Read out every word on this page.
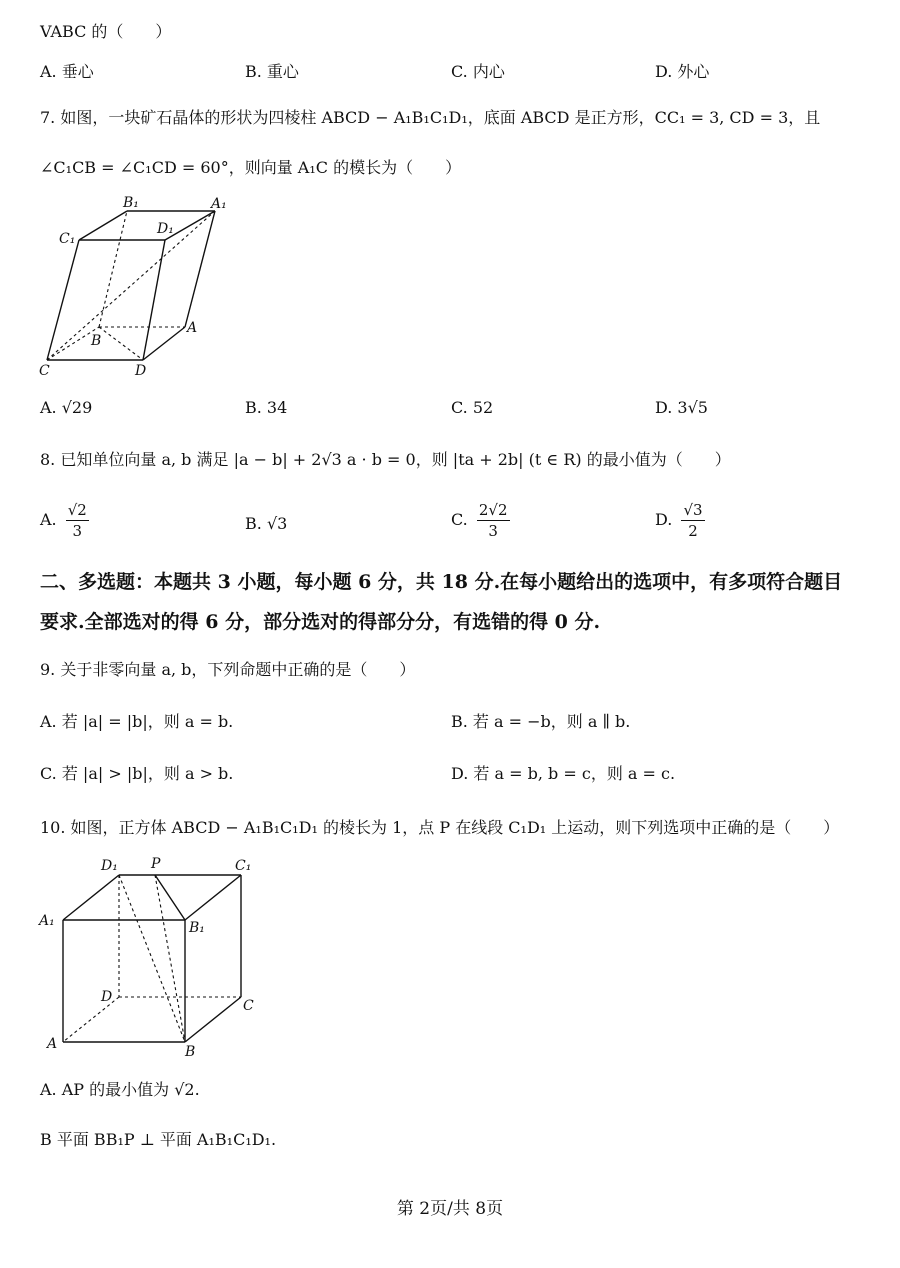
VABC 的（　　）
A. 垂心	B. 重心	C. 内心	D. 外心
7. 如图，一块矿石晶体的形状为四棱柱 ABCD − A₁B₁C₁D₁，底面 ABCD 是正方形，CC₁ = 3, CD = 3，且
∠C₁CB = ∠C₁CD = 60°，则向量 A₁C 的模长为（　　）
B₁	A₁
C₁
D₁
B
A
C	D
A. √29	B. 34	C. 52	D. 3√5
8. 已知单位向量 a, b 满足 |a − b| + 2√3 a · b = 0，则 |ta + 2b| (t ∈ R) 的最小值为（　　）
A. $\frac{√2}{3}$	B. √3	C. $\frac{2√2}{3}$	D. $\frac{√3}{2}$
二、多选题：本题共 3 小题，每小题 6 分，共 18 分.在每小题给出的选项中，有多项符合题目
要求.全部选对的得 6 分，部分选对的得部分分，有选错的得 0 分.
9. 关于非零向量 a, b，下列命题中正确的是（　　）
A. 若 |a| = |b|，则 a = b.	B. 若 a = −b，则 a ∥ b.
C. 若 |a| > |b|，则 a > b.	D. 若 a = b, b = c，则 a = c.
10. 如图，正方体 ABCD − A₁B₁C₁D₁ 的棱长为 1，点 P 在线段 C₁D₁ 上运动，则下列选项中正确的是（　　）
D₁ P	C₁
A₁	B₁
D
C
A	B
A. AP 的最小值为 √2.
B 平面 BB₁P ⊥ 平面 A₁B₁C₁D₁.
第 2页/共 8页
